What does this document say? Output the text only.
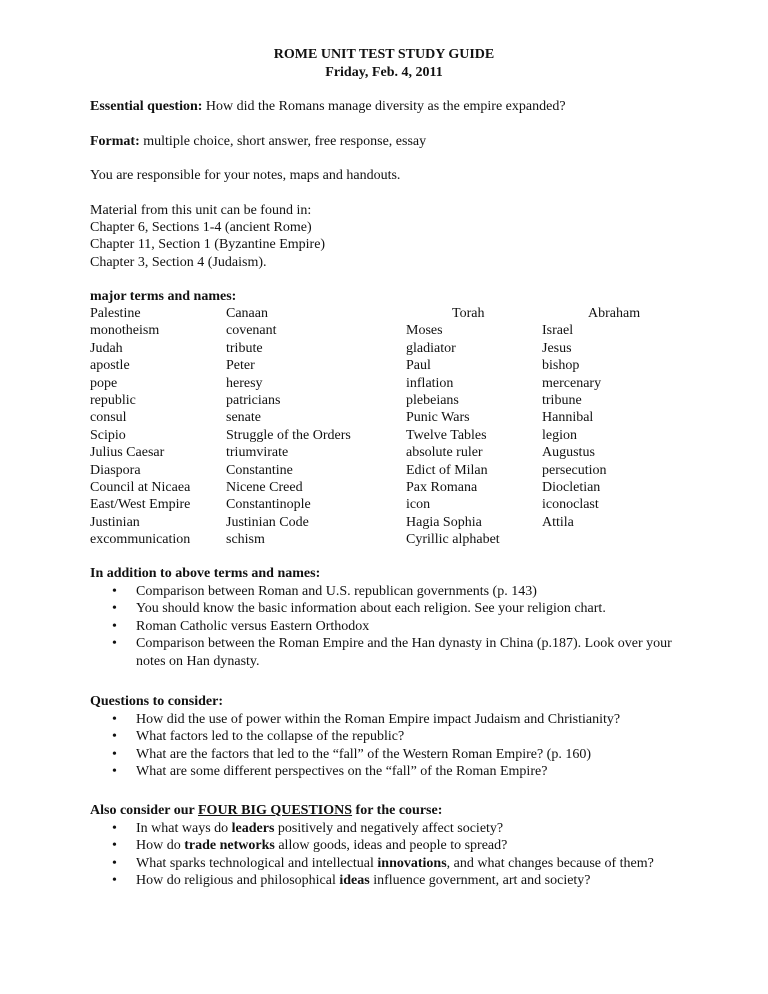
ROME UNIT TEST STUDY GUIDE
Friday, Feb. 4, 2011
Essential question: How did the Romans manage diversity as the empire expanded?
Format: multiple choice, short answer, free response, essay
You are responsible for your notes, maps and handouts.
Material from this unit can be found in:
Chapter 6, Sections 1-4 (ancient Rome)
Chapter 11, Section 1 (Byzantine Empire)
Chapter 3, Section 4 (Judaism).
major terms and names:
Palestine	Canaan	Torah	Abraham
monotheism	covenant	Moses	Israel
Judah	tribute	gladiator	Jesus
apostle	Peter	Paul	bishop
pope	heresy	inflation	mercenary
republic	patricians	plebeians	tribune
consul	senate	Punic Wars	Hannibal
Scipio	Struggle of the Orders	Twelve Tables	legion
Julius Caesar	triumvirate	absolute ruler	Augustus
Diaspora	Constantine	Edict of Milan	persecution
Council at Nicaea	Nicene Creed	Pax Romana	Diocletian
East/West Empire	Constantinople	icon	iconoclast
Justinian	Justinian Code	Hagia Sophia	Attila
excommunication	schism	Cyrillic alphabet
In addition to above terms and names:
• Comparison between Roman and U.S. republican governments (p. 143)
• You should know the basic information about each religion. See your religion chart.
• Roman Catholic versus Eastern Orthodox
• Comparison between the Roman Empire and the Han dynasty in China (p.187). Look over your notes on Han dynasty.
Questions to consider:
• How did the use of power within the Roman Empire impact Judaism and Christianity?
• What factors led to the collapse of the republic?
• What are the factors that led to the “fall” of the Western Roman Empire? (p. 160)
• What are some different perspectives on the “fall” of the Roman Empire?
Also consider our FOUR BIG QUESTIONS for the course:
• In what ways do leaders positively and negatively affect society?
• How do trade networks allow goods, ideas and people to spread?
• What sparks technological and intellectual innovations, and what changes because of them?
• How do religious and philosophical ideas influence government, art and society?
